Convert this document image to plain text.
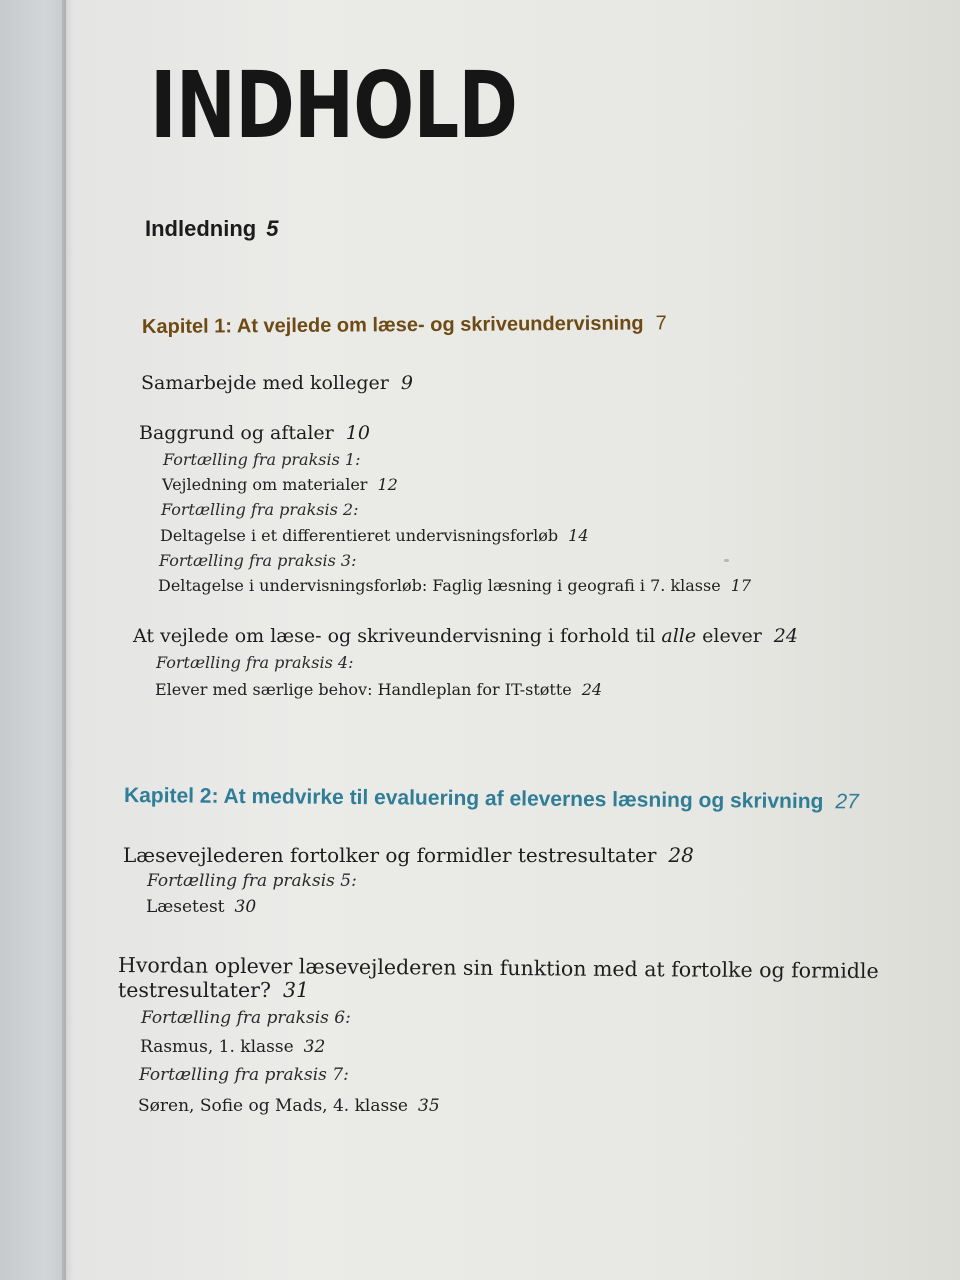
INDHOLD
Indledning 5
Kapitel 1: At vejlede om læse- og skriveundervisning 7
Samarbejde med kolleger 9
Baggrund og aftaler 10
Fortælling fra praksis 1:
Vejledning om materialer 12
Fortælling fra praksis 2:
Deltagelse i et differentieret undervisningsforløb 14
Fortælling fra praksis 3:
Deltagelse i undervisningsforløb: Faglig læsning i geografi i 7. klasse 17
At vejlede om læse- og skriveundervisning i forhold til alle elever 24
Fortælling fra praksis 4:
Elever med særlige behov: Handleplan for IT-støtte 24
Kapitel 2: At medvirke til evaluering af elevernes læsning og skrivning 27
Læsevejlederen fortolker og formidler testresultater 28
Fortælling fra praksis 5:
Læsetest 30
Hvordan oplever læsevejlederen sin funktion med at fortolke og formidle
testresultater? 31
Fortælling fra praksis 6:
Rasmus, 1. klasse 32
Fortælling fra praksis 7:
Søren, Sofie og Mads, 4. klasse 35
